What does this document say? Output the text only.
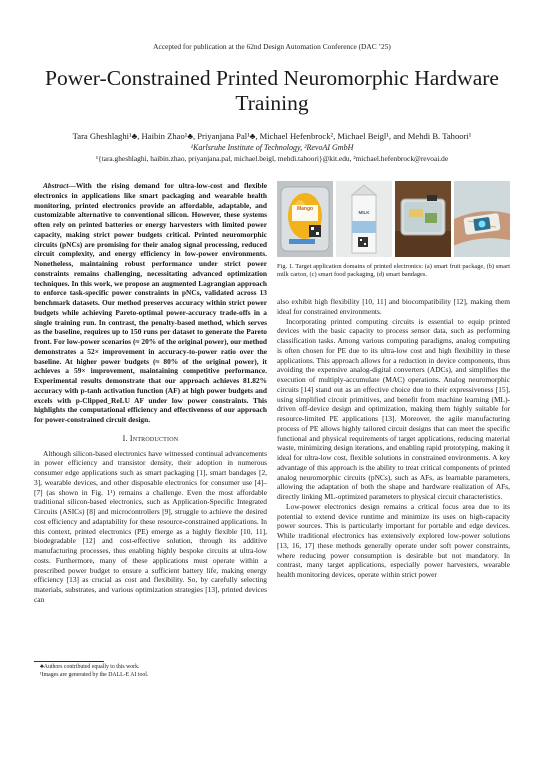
Accepted for publication at the 62nd Design Automation Conference (DAC ’25)
Power-Constrained Printed Neuromorphic Hardware Training
Tara Gheshlaghi¹♣, Haibin Zhao¹♣, Priyanjana Pal¹♣, Michael Hefenbrock², Michael Beigl¹, and Mehdi B. Tahoori¹
¹Karlsruhe Institute of Technology, ²RevoAI GmbH
¹{tara.gheshlaghi, haibin.zhao, priyanjana.pal, michael.beigl, mehdi.tahoori}@kit.edu, ²michael.hefenbrock@revoai.de

Abstract—With the rising demand for ultra-low-cost and flexible electronics in applications like smart packaging and wearable health monitoring, printed electronics provide an affordable, adaptable, and customizable alternative to conventional silicon. However, these systems often rely on printed batteries or energy harvesters with limited power capacity, making strict power budgets critical. Printed neuromorphic circuits (pNCs) are promising for their analog signal processing, reduced circuit complexity, and energy efficiency in low-power environments. Nonetheless, maintaining robust performance under strict power constraints remains challenging, necessitating advanced optimization techniques. In this work, we propose an augmented Lagrangian approach to enforce task-specific power constraints in pNCs, validated across 13 benchmark datasets. Our method preserves accuracy within strict power budgets while achieving Pareto-optimal power-accuracy trade-offs in a single training run. In contrast, the penalty-based method, which serves as the baseline, requires up to 150 runs per dataset to generate the Pareto front. For low-power scenarios (≈ 20% of the original power), our method demonstrates a 52× improvement in accuracy-to-power ratio over the baseline. At higher power budgets (≈ 80% of the original power), it achieves a 59× improvement, maintaining competitive performance. Experimental results demonstrate that our approach achieves 81.82% accuracy with p-tanh activation function (AF) at high power budgets and excels with p-Clipped_ReLU AF under low power constraints. This highlights the computational efficiency and effectiveness of our approach for power-constrained circuit design.

I. Introduction

Although silicon-based electronics have witnessed continual advancements in power efficiency and transistor density, their adoption in numerous consumer edge applications such as smart packaging [1], smart bandages [2, 3], wearable devices, and other disposable electronics for consumer use [4]–[7] (as shown in Fig. 1¹) remains a challenge. Even the most affordable traditional silicon-based electronics, such as Application-Specific Integrated Circuits (ASICs) [8] and microcontrollers [9], struggle to achieve the desired cost efficiency and adaptability for these resource-constrained applications. In this context, printed electronics (PE) emerge as a highly flexible [10, 11], biodegradable [12] and cost-effective solution, through its additive manufacturing processes, thus enabling highly bespoke circuits at ultra-low costs. Furthermore, many of these applications must operate within a prescribed power budget to ensure a sufficient battery life, making energy efficiency [13] as crucial as cost and flexibility. So, by carefully selecting materials, substrates, and various optimization strategies [13], printed devices can

Mango
MILK
Fig. 1. Target application domains of printed electronics: (a) smart fruit package, (b) smart milk carton, (c) smart food packaging, (d) smart bandages.

also exhibit high flexibility [10, 11] and biocompatibility [12], making them ideal for constrained environments.

Incorporating printed computing circuits is essential to equip printed devices with the basic capacity to process sensor data, such as performing classification tasks. Among various computing paradigms, analog computing is often chosen for PE due to its ultra-low cost and high flexibility in these applications. This approach allows for a reduction in device components, thus avoiding the expensive analog-digital converters (ADCs), and simplifies the execution of multiply-accumulate (MAC) operations. Analog neuromorphic circuits [14] stand out as an effective choice due to their expressiveness [15], using simplified circuit primitives, and benefit from machine learning (ML)-driven off-device design and optimization, making them highly suitable for resource-limited PE applications [13]. Moreover, the agile manufacturing process of PE allows highly tailored circuit designs that can meet the specific functional and physical requirements of target applications, reducing material waste, minimizing design iterations, and enabling rapid prototyping, making it ideal for ultra-low cost, flexible solutions in constrained environments. A key advantage of this approach is the ability to treat critical components of printed analog neuromorphic circuits (pNCs), such as AFs, as learnable parameters, allowing the adaptation of both the shape and hardware realization of AFs, directly linking ML-optimized parameters to physical circuit characteristics.

Low-power electronics design remains a critical focus area due to its potential to extend device runtime and minimize its uses on high-capacity power sources. This is particularly important for portable and edge devices. While traditional electronics has extensively explored low-power solutions [13, 16, 17] these methods generally operate under soft power constraints, where reducing power consumption is desirable but not mandatory. In contrast, many target applications, especially power harvesters, wearable health monitoring devices, operate within strict power

♣Authors contributed equally to this work.

¹Images are generated by the DALL-E AI tool.
